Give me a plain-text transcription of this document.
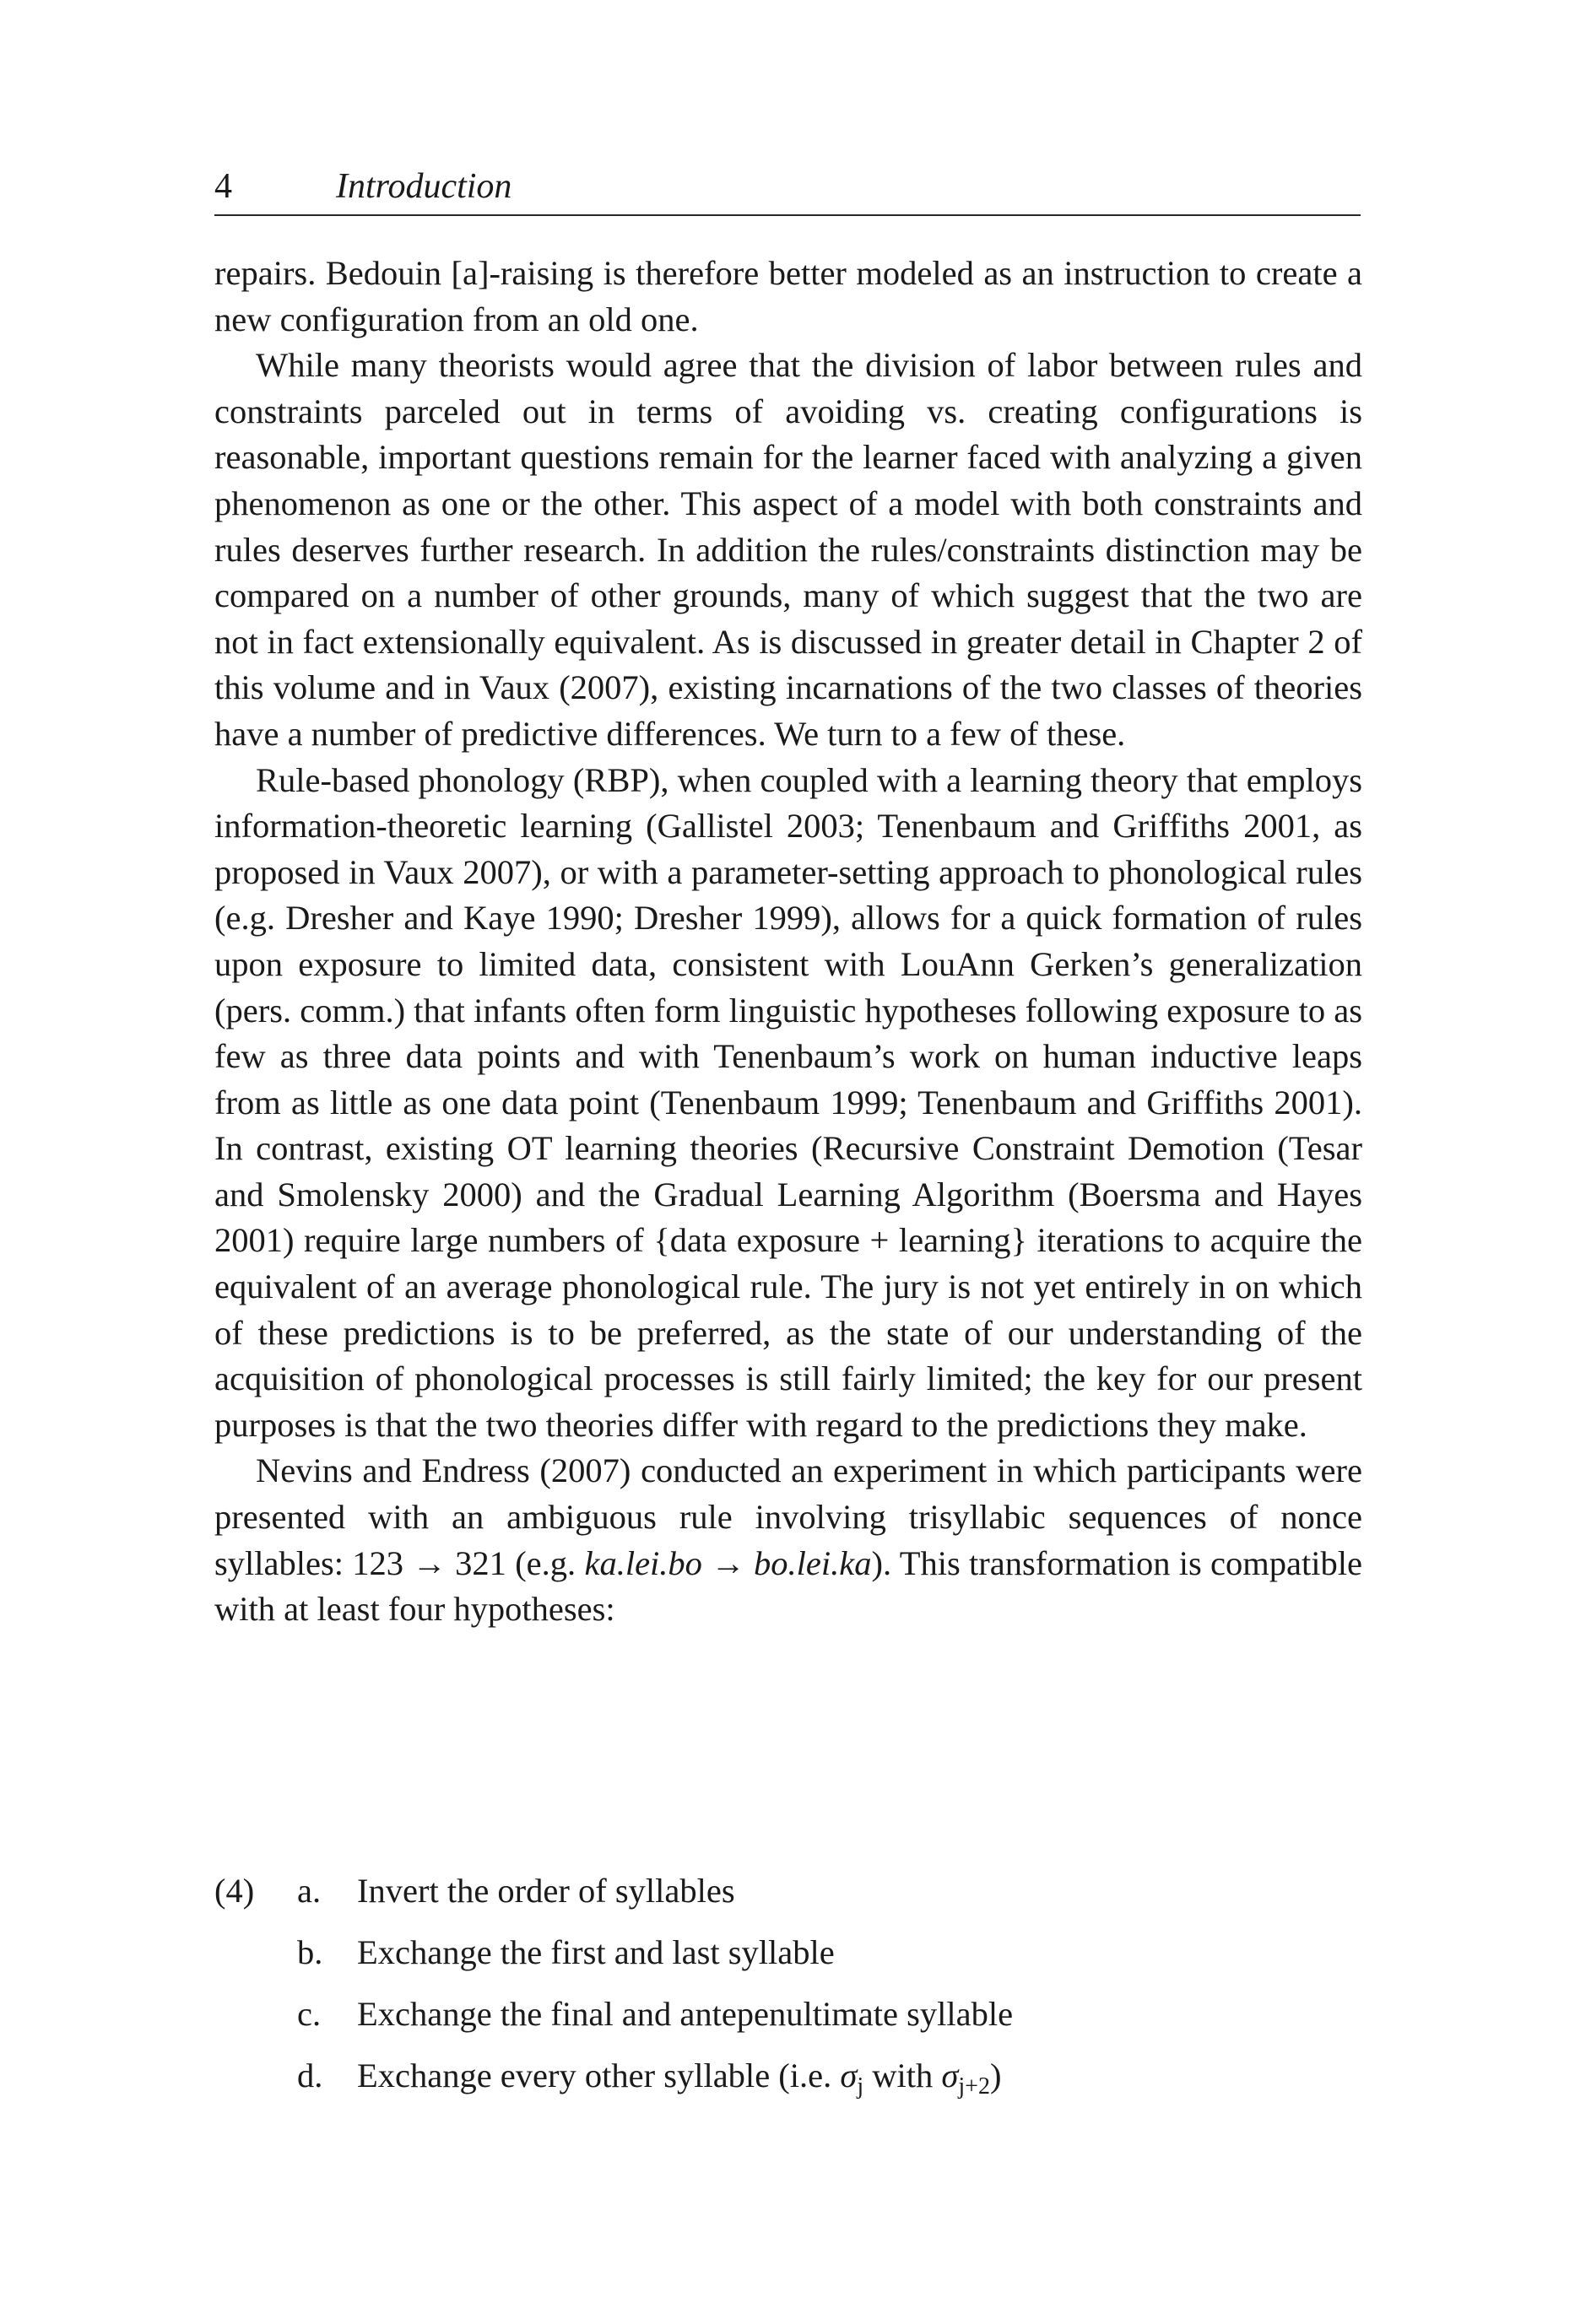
4	Introduction

repairs. Bedouin [a]-raising is therefore better modeled as an instruction to create a new configuration from an old one.

While many theorists would agree that the division of labor between rules and constraints parceled out in terms of avoiding vs. creating configurations is reasonable, important questions remain for the learner faced with analyzing a given phenomenon as one or the other. This aspect of a model with both constraints and rules deserves further research. In addition the rules/constraints distinction may be compared on a number of other grounds, many of which suggest that the two are not in fact extensionally equivalent. As is discussed in greater detail in Chapter 2 of this volume and in Vaux (2007), existing incarnations of the two classes of theories have a number of predictive differences. We turn to a few of these.

Rule-based phonology (RBP), when coupled with a learning theory that employs information-theoretic learning (Gallistel 2003; Tenenbaum and Griffiths 2001, as proposed in Vaux 2007), or with a parameter-setting approach to phonological rules (e.g. Dresher and Kaye 1990; Dresher 1999), allows for a quick formation of rules upon exposure to limited data, consistent with LouAnn Gerken’s generalization (pers. comm.) that infants often form linguistic hypotheses following exposure to as few as three data points and with Tenenbaum’s work on human inductive leaps from as little as one data point (Tenenbaum 1999; Tenenbaum and Griffiths 2001). In contrast, existing OT learning theories (Recursive Constraint Demotion (Tesar and Smolensky 2000) and the Gradual Learning Algorithm (Boersma and Hayes 2001) require large numbers of {data exposure + learning} iterations to acquire the equivalent of an average phonological rule. The jury is not yet entirely in on which of these predictions is to be preferred, as the state of our understanding of the acquisition of phonological processes is still fairly limited; the key for our present purposes is that the two theories differ with regard to the predictions they make.

Nevins and Endress (2007) conducted an experiment in which participants were presented with an ambiguous rule involving trisyllabic sequences of nonce syllables: 123 → 321 (e.g. ka.lei.bo → bo.lei.ka). This transformation is compatible with at least four hypotheses:

(4) a. Invert the order of syllables
b. Exchange the first and last syllable
c. Exchange the final and antepenultimate syllable
d. Exchange every other syllable (i.e. $\sigma_j$ with $\sigma_{j+2}$)
